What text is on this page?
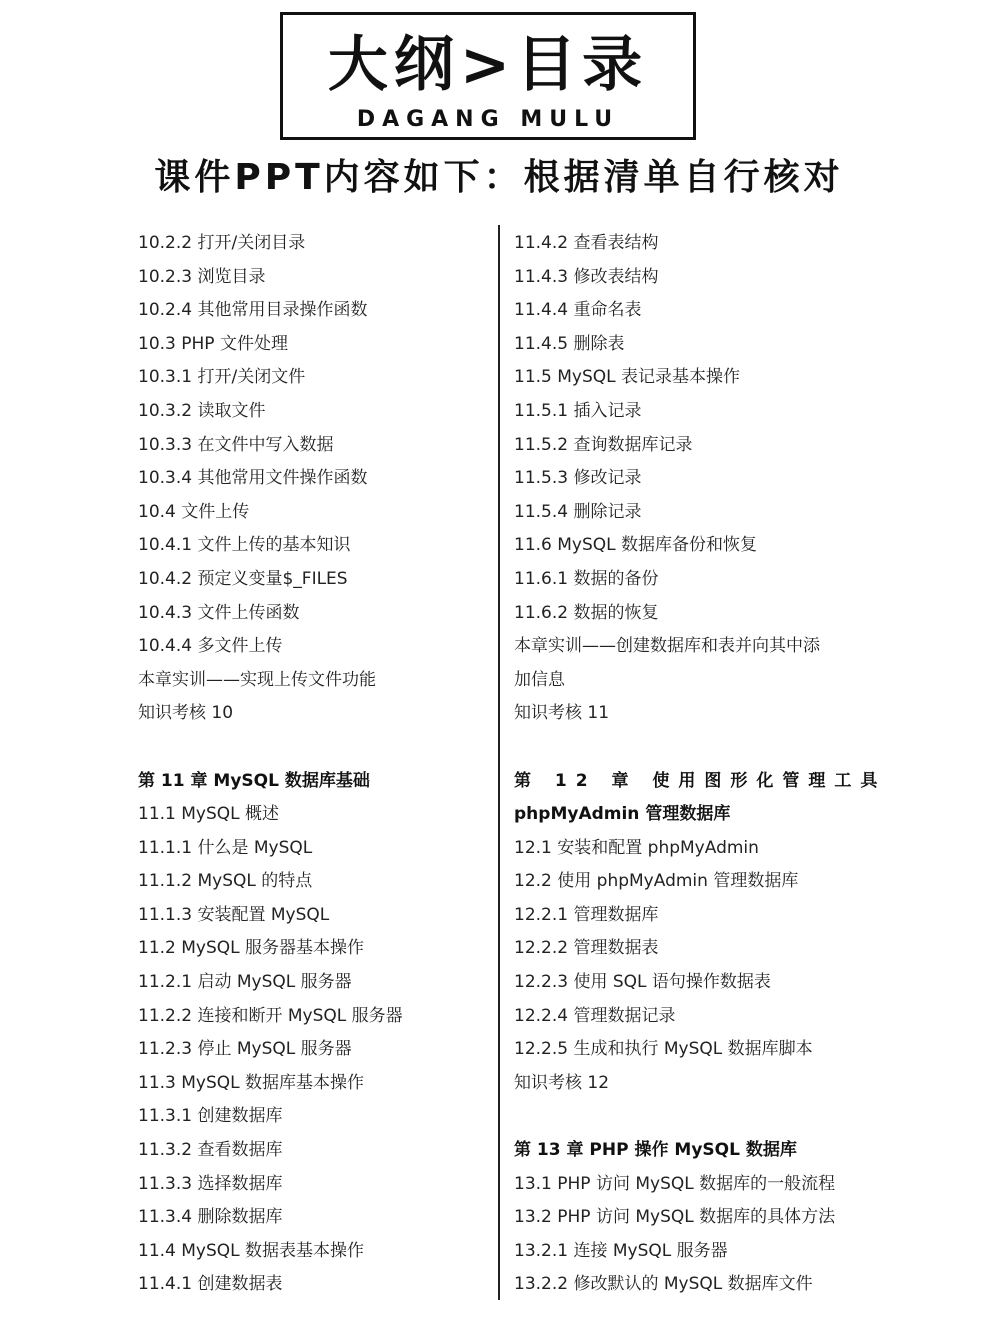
大纲>目录
DAGANG MULU
课件PPT内容如下：根据清单自行核对
10.2.2 打开/关闭目录
10.2.3 浏览目录
10.2.4 其他常用目录操作函数
10.3 PHP 文件处理
10.3.1 打开/关闭文件
10.3.2 读取文件
10.3.3 在文件中写入数据
10.3.4 其他常用文件操作函数
10.4 文件上传
10.4.1 文件上传的基本知识
10.4.2 预定义变量$_FILES
10.4.3 文件上传函数
10.4.4 多文件上传
本章实训——实现上传文件功能
知识考核 10
第 11 章 MySQL 数据库基础
11.1 MySQL 概述
11.1.1 什么是 MySQL
11.1.2 MySQL 的特点
11.1.3 安装配置 MySQL
11.2 MySQL 服务器基本操作
11.2.1 启动 MySQL 服务器
11.2.2 连接和断开 MySQL 服务器
11.2.3 停止 MySQL 服务器
11.3 MySQL 数据库基本操作
11.3.1 创建数据库
11.3.2 查看数据库
11.3.3 选择数据库
11.3.4 删除数据库
11.4 MySQL 数据表基本操作
11.4.1 创建数据表
11.4.2 查看表结构
11.4.3 修改表结构
11.4.4 重命名表
11.4.5 删除表
11.5 MySQL 表记录基本操作
11.5.1 插入记录
11.5.2 查询数据库记录
11.5.3 修改记录
11.5.4 删除记录
11.6 MySQL 数据库备份和恢复
11.6.1 数据的备份
11.6.2 数据的恢复
本章实训——创建数据库和表并向其中添
加信息
知识考核 11
第 12 章 使用图形化管理工具
phpMyAdmin 管理数据库
12.1 安装和配置 phpMyAdmin
12.2 使用 phpMyAdmin 管理数据库
12.2.1 管理数据库
12.2.2 管理数据表
12.2.3 使用 SQL 语句操作数据表
12.2.4 管理数据记录
12.2.5 生成和执行 MySQL 数据库脚本
知识考核 12
第 13 章 PHP 操作 MySQL 数据库
13.1 PHP 访问 MySQL 数据库的一般流程
13.2 PHP 访问 MySQL 数据库的具体方法
13.2.1 连接 MySQL 服务器
13.2.2 修改默认的 MySQL 数据库文件
